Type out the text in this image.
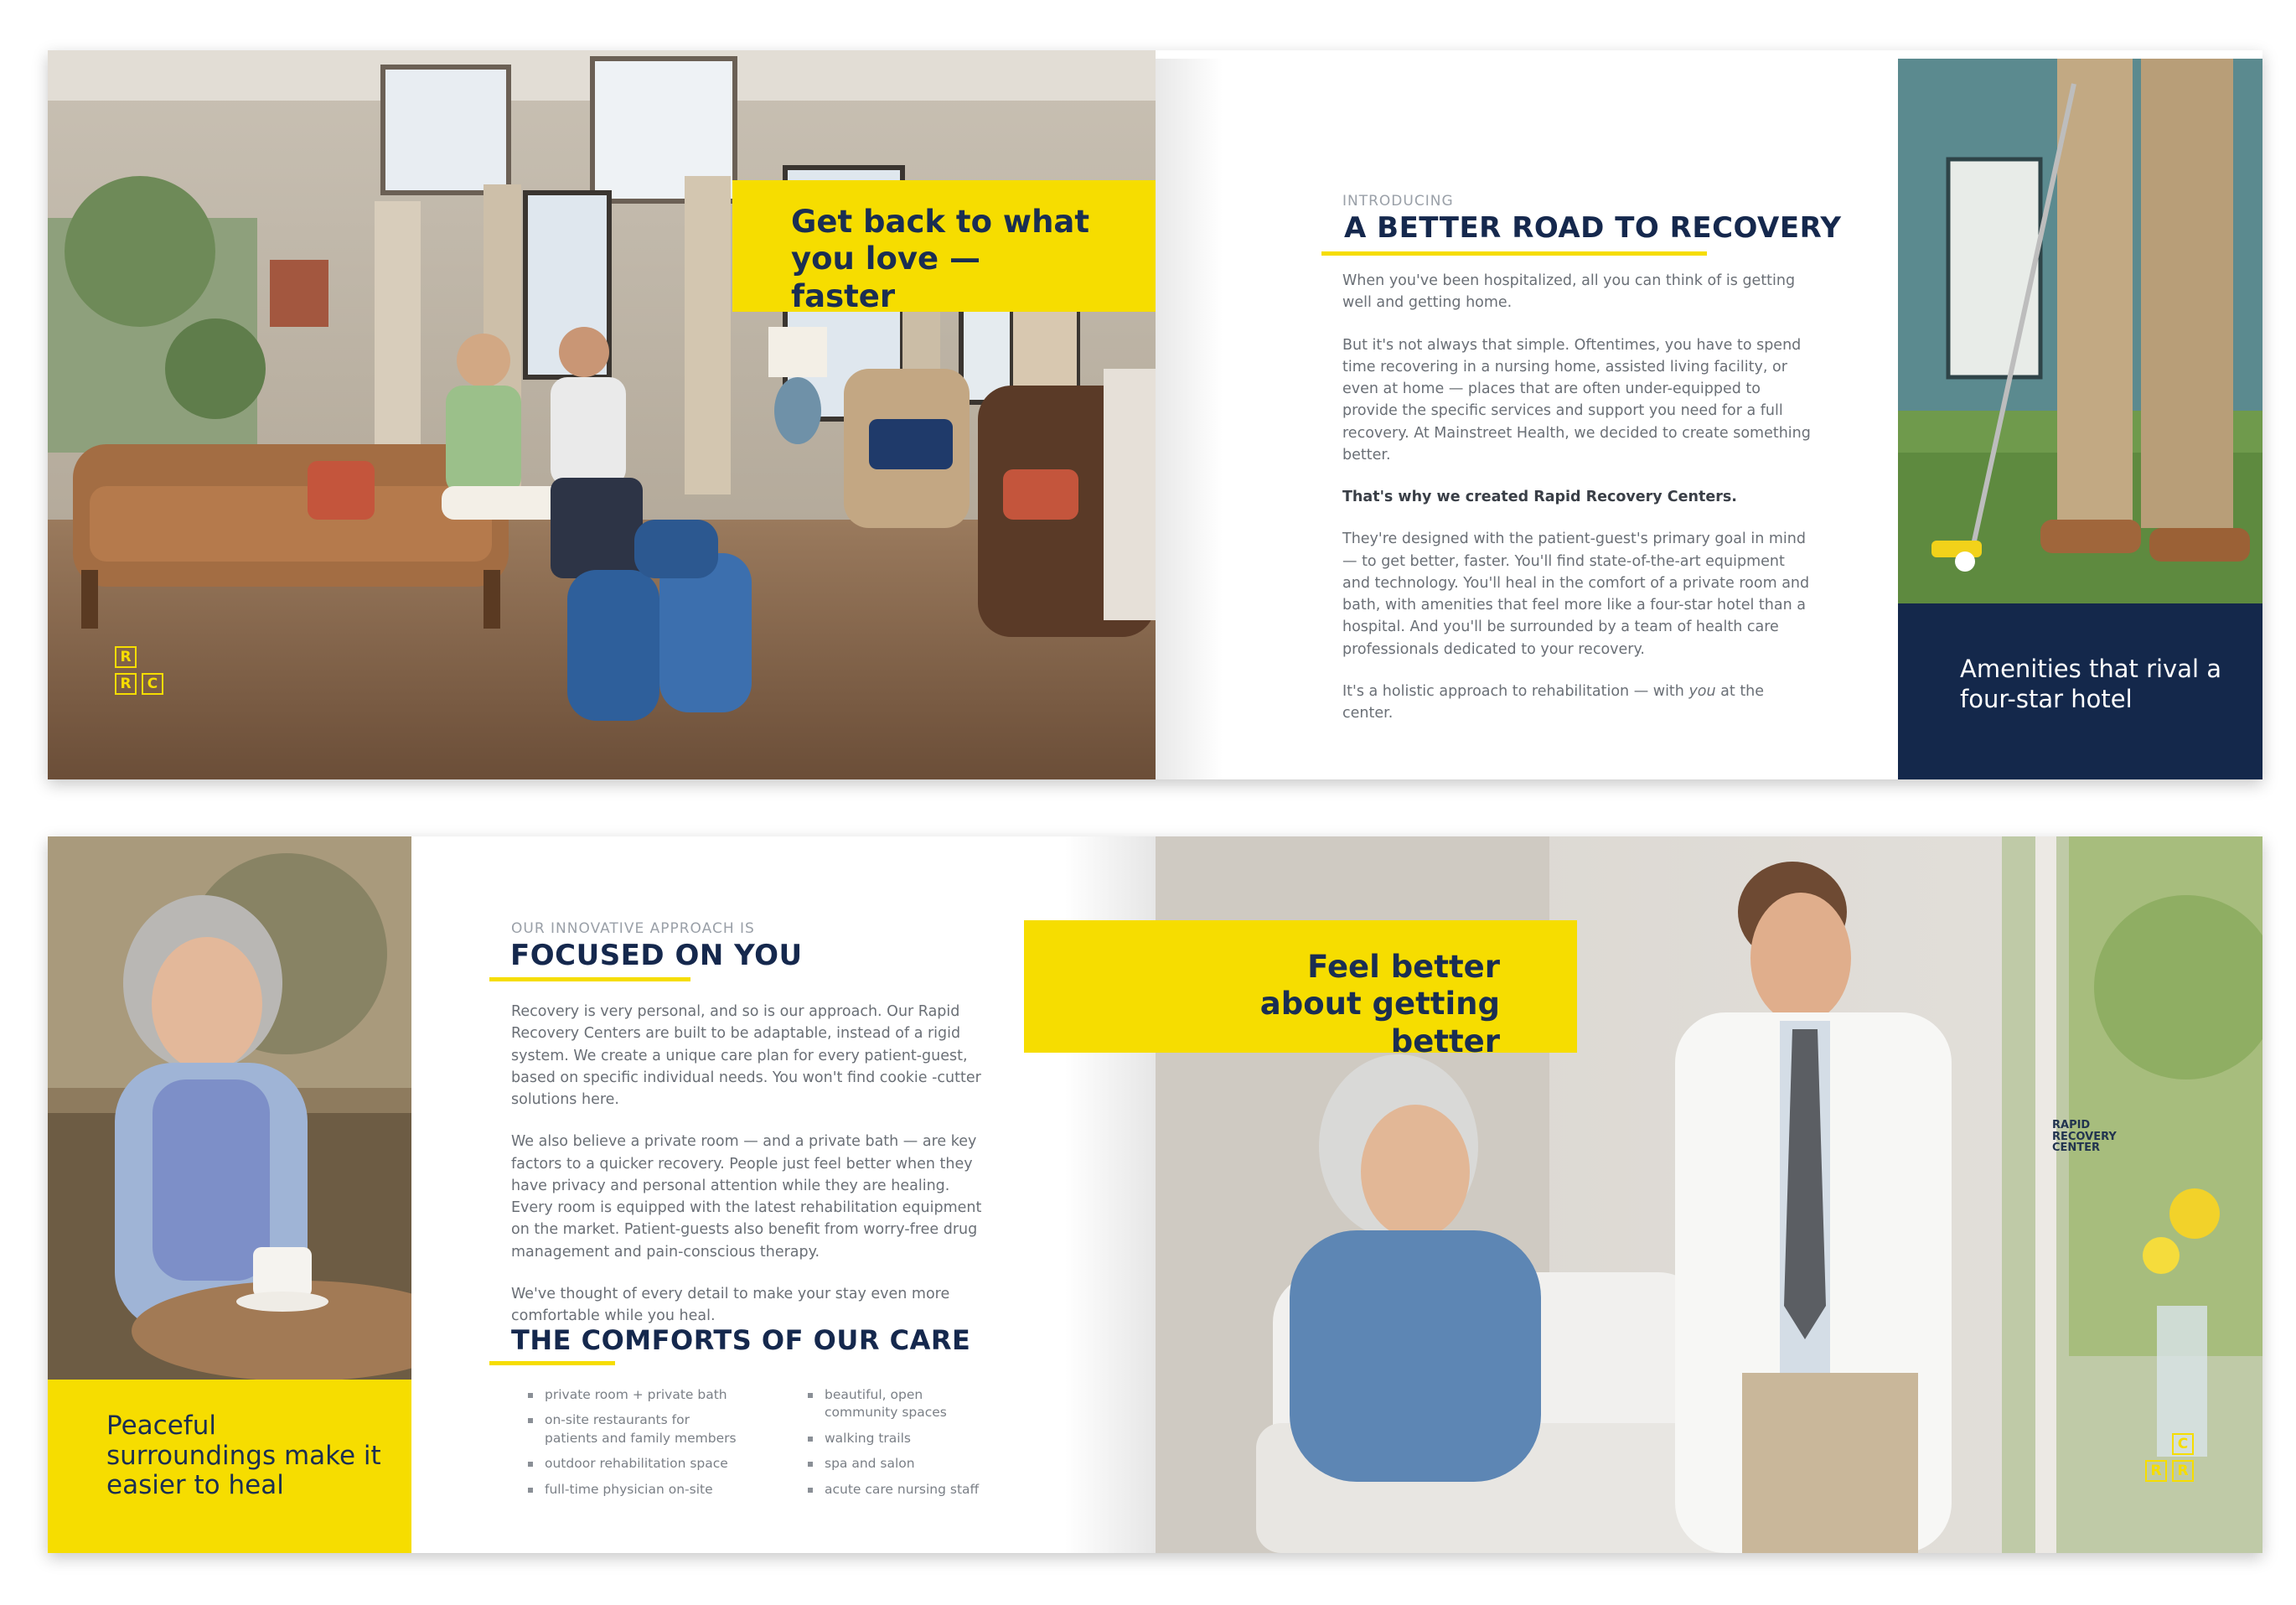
Get back to what you love — faster
R
R	C
INTRODUCING
A BETTER ROAD TO RECOVERY

When you've been hospitalized, all you can think of is getting well and getting home.

But it's not always that simple. Oftentimes, you have to spend time recovering in a nursing home, assisted living facility, or even at home — places that are often under-equipped to provide the specific services and support you need for a full recovery. At Mainstreet Health, we decided to create something better.

That's why we created Rapid Recovery Centers.

They're designed with the patient-guest's primary goal in mind — to get better, faster. You'll find state-of-the-art equipment and technology. You'll heal in the comfort of a private room and bath, with amenities that feel more like a four-star hotel than a hospital. And you'll be surrounded by a team of health care professionals dedicated to your recovery.

It's a holistic approach to rehabilitation — with you at the center.

Amenities that rival a four-star hotel
Peaceful surroundings make it easier to heal
OUR INNOVATIVE APPROACH IS
FOCUSED ON YOU

Recovery is very personal, and so is our approach. Our Rapid Recovery Centers are built to be adaptable, instead of a rigid system. We create a unique care plan for every patient-guest, based on specific individual needs. You won't find cookie -cutter solutions here.

We also believe a private room — and a private bath — are key factors to a quicker recovery. People just feel better when they have privacy and personal attention while they are healing. Every room is equipped with the latest rehabilitation equipment on the market. Patient-guests also benefit from worry-free drug management and pain-conscious therapy.

We've thought of every detail to make your stay even more comfortable while you heal.

THE COMFORTS OF OUR CARE
private room + private bath
on-site restaurants for patients and family members
outdoor rehabilitation space
full-time physician on-site
beautiful, open community spaces
walking trails
spa and salon
acute care nursing staff
RAPID RECOVERY CENTER
Feel better about getting better
C
R	R
